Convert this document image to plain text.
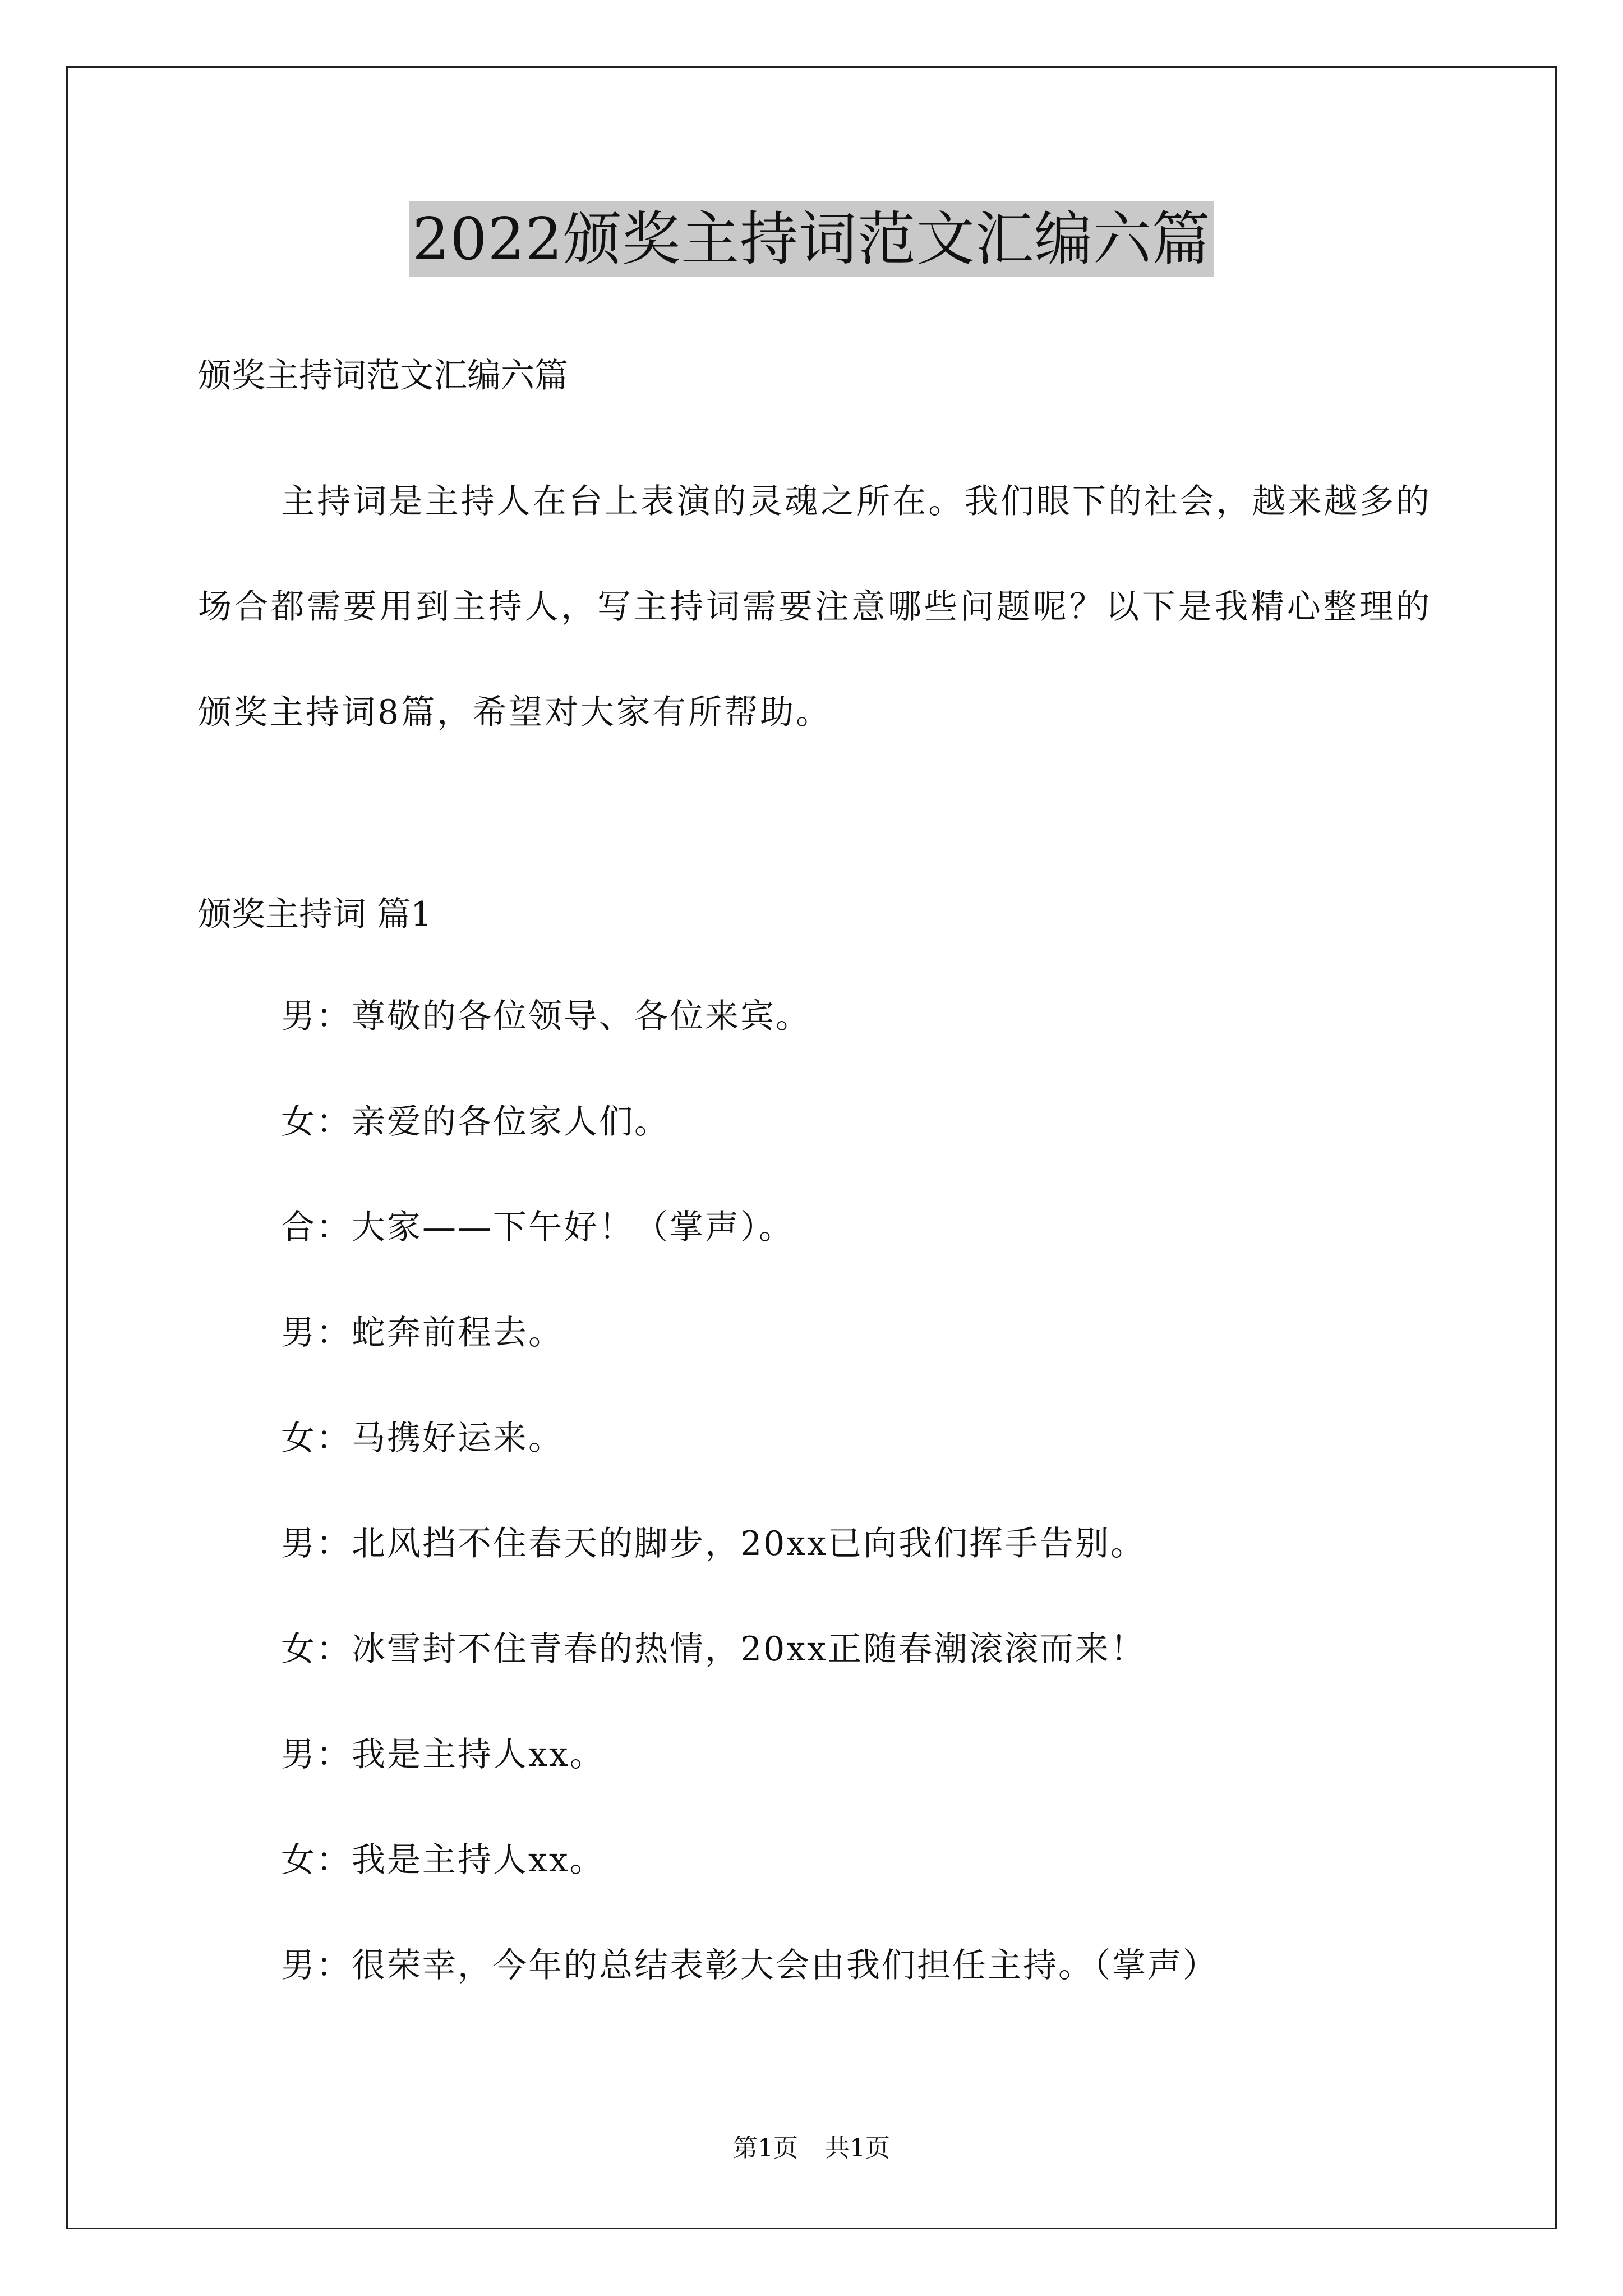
2022颁奖主持词范文汇编六篇
颁奖主持词范文汇编六篇
主持词是主持人在台上表演的灵魂之所在。我们眼下的社会，越来越多的场合都需要用到主持人，写主持词需要注意哪些问题呢？以下是我精心整理的颁奖主持词8篇，希望对大家有所帮助。
颁奖主持词 篇1
男：尊敬的各位领导、各位来宾。
女：亲爱的各位家人们。
合：大家——下午好！（掌声）。
男：蛇奔前程去。
女：马携好运来。
男：北风挡不住春天的脚步，20xx已向我们挥手告别。
女：冰雪封不住青春的热情，20xx正随春潮滚滚而来！
男：我是主持人xx。
女：我是主持人xx。
男：很荣幸，今年的总结表彰大会由我们担任主持。（掌声）
第1页 共1页
